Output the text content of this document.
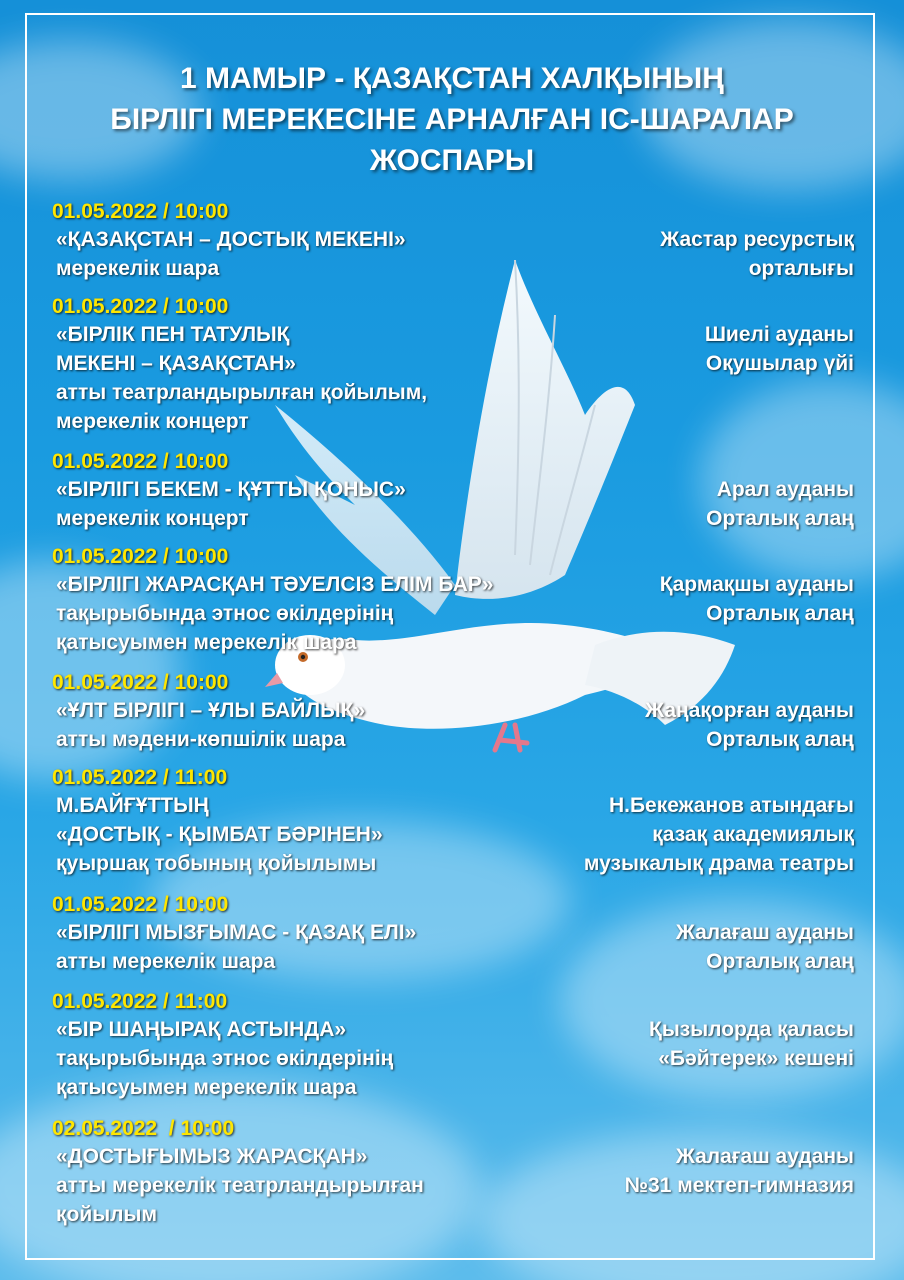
1 МАМЫР - ҚАЗАҚСТАН ХАЛҚЫНЫҢ
БІРЛІГІ МЕРЕКЕСІНЕ АРНАЛҒАН ІС-ШАРАЛАР
ЖОСПАРЫ
01.05.2022 / 10:00
«ҚАЗАҚСТАН – ДОСТЫҚ МЕКЕНІ»
мерекелік шара
Жастар ресурстық
орталығы
01.05.2022 / 10:00
«БІРЛІК ПЕН ТАТУЛЫҚ
МЕКЕНІ – ҚАЗАҚСТАН»
атты театрландырылған қойылым,
мерекелік концерт
Шиелі ауданы
Оқушылар үйі
01.05.2022 / 10:00
«БІРЛІГІ БЕКЕМ - ҚҰТТЫ ҚОНЫС»
мерекелік концерт
Арал ауданы
Орталық алаң
01.05.2022 / 10:00
«БІРЛІГІ ЖАРАСҚАН ТӘУЕЛСІЗ ЕЛІМ БАР»
тақырыбында этнос өкілдерінің
қатысуымен мерекелік шара
Қармақшы ауданы
Орталық алаң
01.05.2022 / 10:00
«ҰЛТ БІРЛІГІ – ҰЛЫ БАЙЛЫҚ»
атты мәдени-көпшілік шара
Жаңақорған ауданы
Орталық алаң
01.05.2022 / 11:00
М.БАЙҒҰТТЫҢ
«ДОСТЫҚ - ҚЫМБАТ БӘРІНЕН»
қуыршақ тобының қойылымы
Н.Бекежанов атындағы
қазақ академиялық
музыкалық драма театры
01.05.2022 / 10:00
«БІРЛІГІ МЫЗҒЫМАС - ҚАЗАҚ ЕЛІ»
атты мерекелік шара
Жалағаш ауданы
Орталық алаң
01.05.2022 / 11:00
«БІР ШАҢЫРАҚ АСТЫНДА»
тақырыбында этнос өкілдерінің
қатысуымен мерекелік шара
Қызылорда қаласы
«Бәйтерек» кешені
02.05.2022  / 10:00
«ДОСТЫҒЫМЫЗ ЖАРАСҚАН»
атты мерекелік театрландырылған
қойылым
Жалағаш ауданы
№31 мектеп-гимназия
